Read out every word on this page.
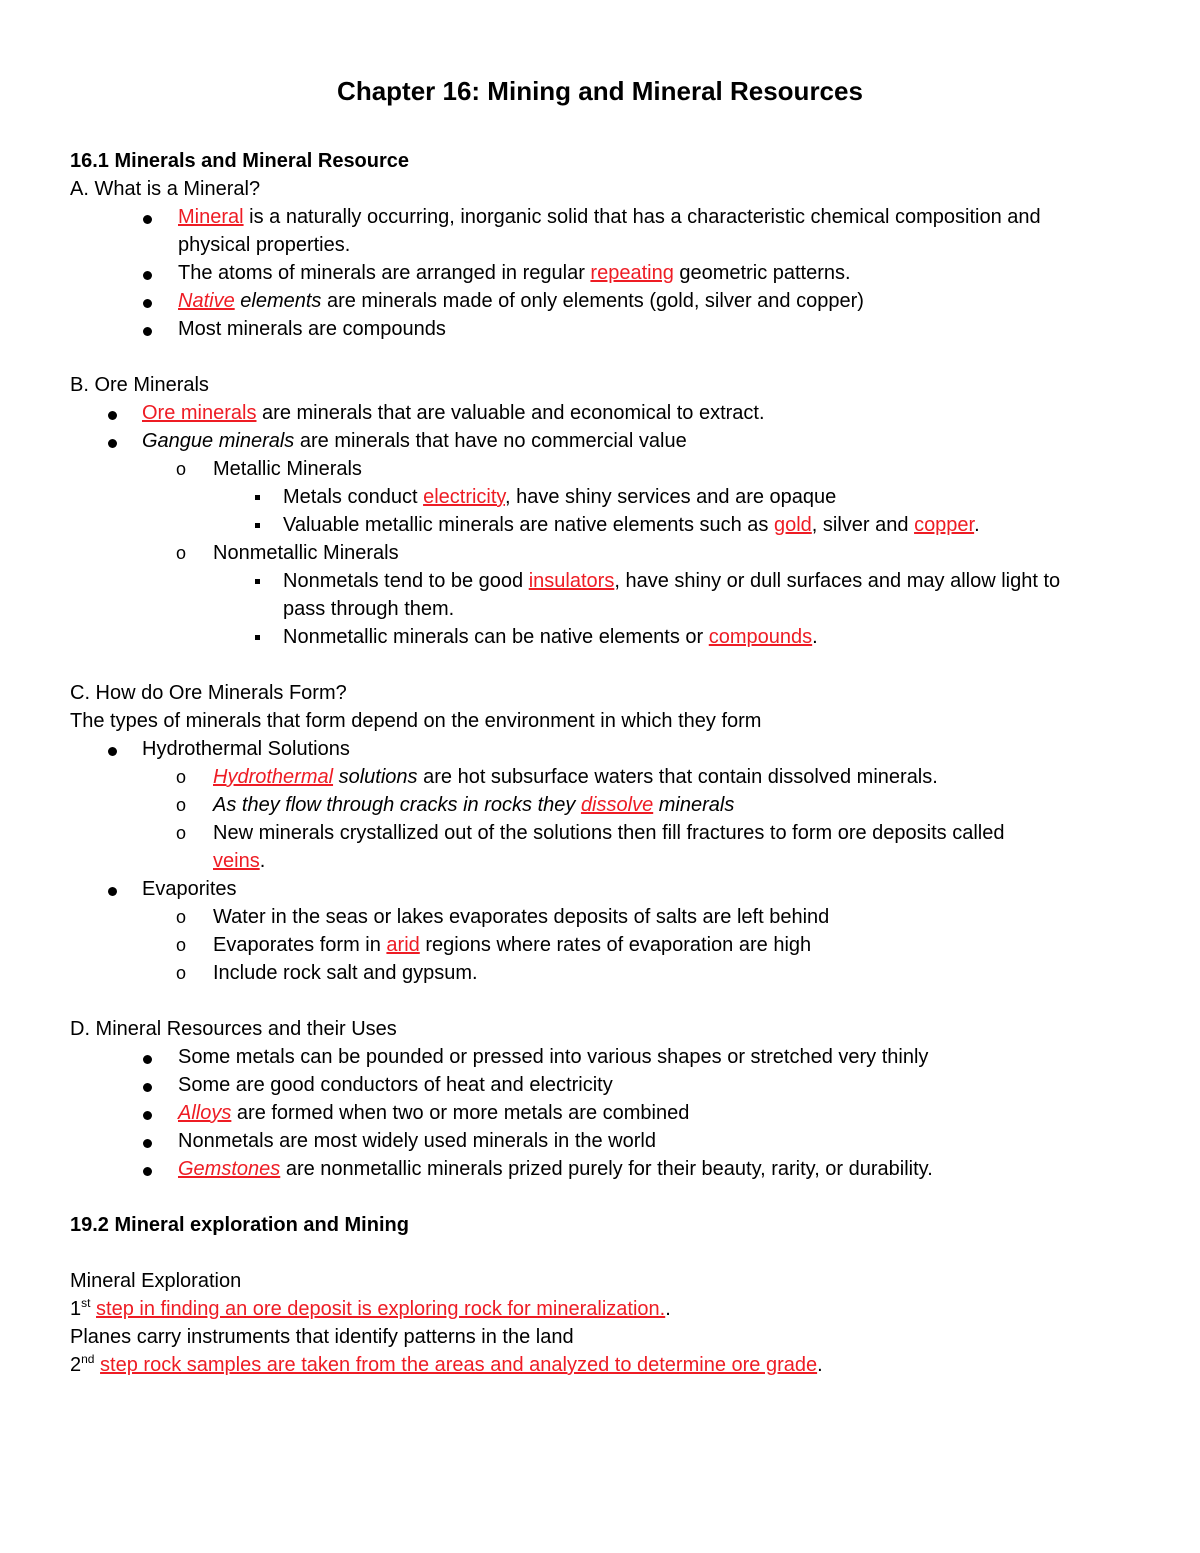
Chapter 16: Mining and Mineral Resources
16.1 Minerals and Mineral Resource
A. What is a Mineral?
Mineral is a naturally occurring, inorganic solid that has a characteristic chemical composition and
physical properties.
The atoms of minerals are arranged in regular repeating geometric patterns.
Native elements are minerals made of only elements (gold, silver and copper)
Most minerals are compounds
B. Ore Minerals
Ore minerals are minerals that are valuable and economical to extract.
Gangue minerals are minerals that have no commercial value
o Metallic Minerals
Metals conduct electricity, have shiny services and are opaque
Valuable metallic minerals are native elements such as gold, silver and copper.
o Nonmetallic Minerals
Nonmetals tend to be good insulators, have shiny or dull surfaces and may allow light to
pass through them.
Nonmetallic minerals can be native elements or compounds.
C. How do Ore Minerals Form?
The types of minerals that form depend on the environment in which they form
Hydrothermal Solutions
o Hydrothermal solutions are hot subsurface waters that contain dissolved minerals.
o As they flow through cracks in rocks they dissolve minerals
o New minerals crystallized out of the solutions then fill fractures to form ore deposits called
veins.
Evaporites
o Water in the seas or lakes evaporates deposits of salts are left behind
o Evaporates form in arid regions where rates of evaporation are high
o Include rock salt and gypsum.
D. Mineral Resources and their Uses
Some metals can be pounded or pressed into various shapes or stretched very thinly
Some are good conductors of heat and electricity
Alloys are formed when two or more metals are combined
Nonmetals are most widely used minerals in the world
Gemstones are nonmetallic minerals prized purely for their beauty, rarity, or durability.
19.2 Mineral exploration and Mining
Mineral Exploration
1st step in finding an ore deposit is exploring rock for mineralization..
Planes carry instruments that identify patterns in the land
2nd step rock samples are taken from the areas and analyzed to determine ore grade.
